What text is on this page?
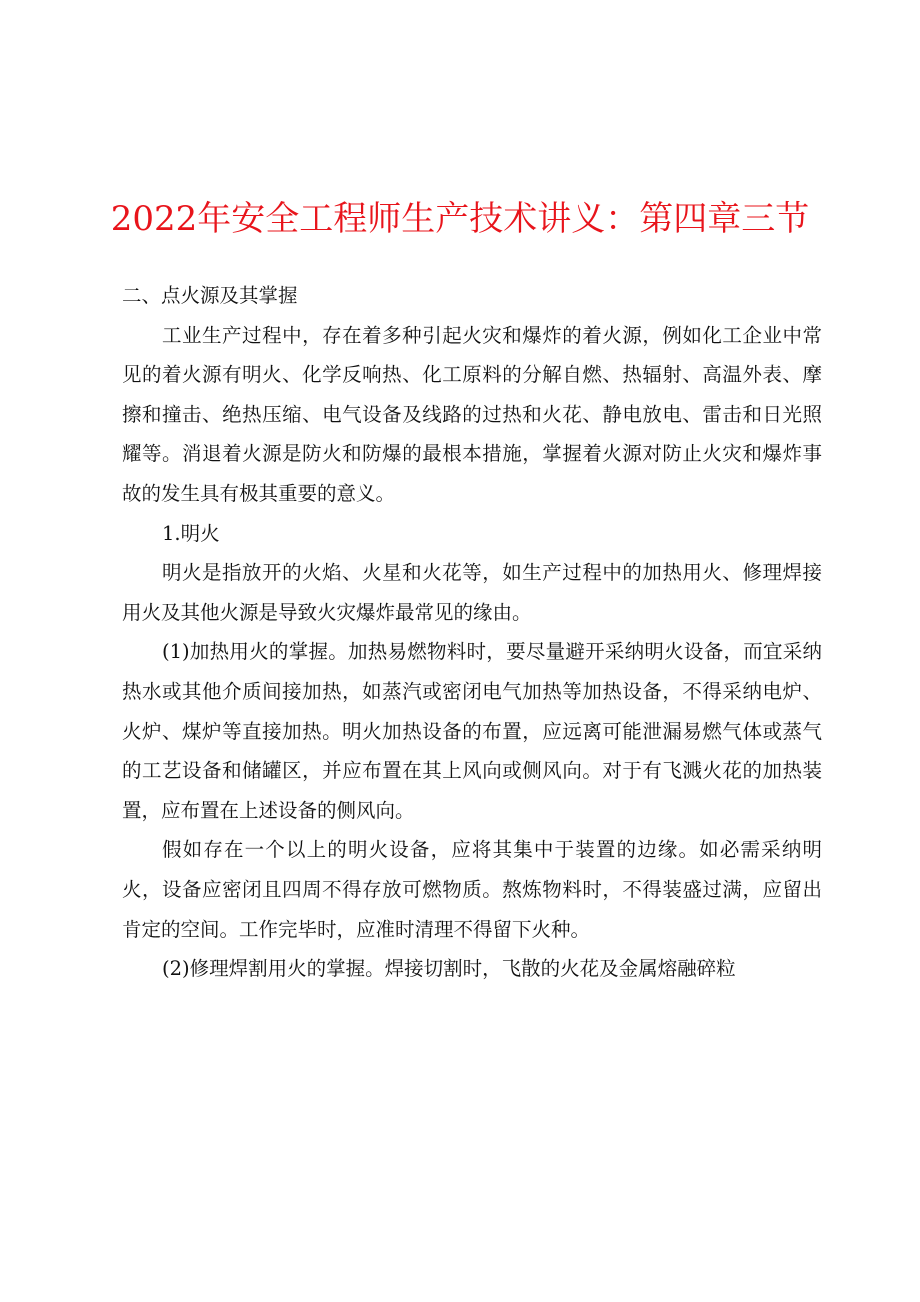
2022年安全工程师生产技术讲义：第四章三节

二、点火源及其掌握

工业生产过程中，存在着多种引起火灾和爆炸的着火源，例如化工企业中常见的着火源有明火、化学反响热、化工原料的分解自燃、热辐射、高温外表、摩擦和撞击、绝热压缩、电气设备及线路的过热和火花、静电放电、雷击和日光照耀等。消退着火源是防火和防爆的最根本措施，掌握着火源对防止火灾和爆炸事故的发生具有极其重要的意义。

1.明火

明火是指放开的火焰、火星和火花等，如生产过程中的加热用火、修理焊接用火及其他火源是导致火灾爆炸最常见的缘由。

(1)加热用火的掌握。加热易燃物料时，要尽量避开采纳明火设备，而宜采纳热水或其他介质间接加热，如蒸汽或密闭电气加热等加热设备，不得采纳电炉、火炉、煤炉等直接加热。明火加热设备的布置，应远离可能泄漏易燃气体或蒸气的工艺设备和储罐区，并应布置在其上风向或侧风向。对于有飞溅火花的加热装置，应布置在上述设备的侧风向。

假如存在一个以上的明火设备，应将其集中于装置的边缘。如必需采纳明火，设备应密闭且四周不得存放可燃物质。熬炼物料时，不得装盛过满，应留出肯定的空间。工作完毕时，应准时清理不得留下火种。

(2)修理焊割用火的掌握。焊接切割时，飞散的火花及金属熔融碎粒
